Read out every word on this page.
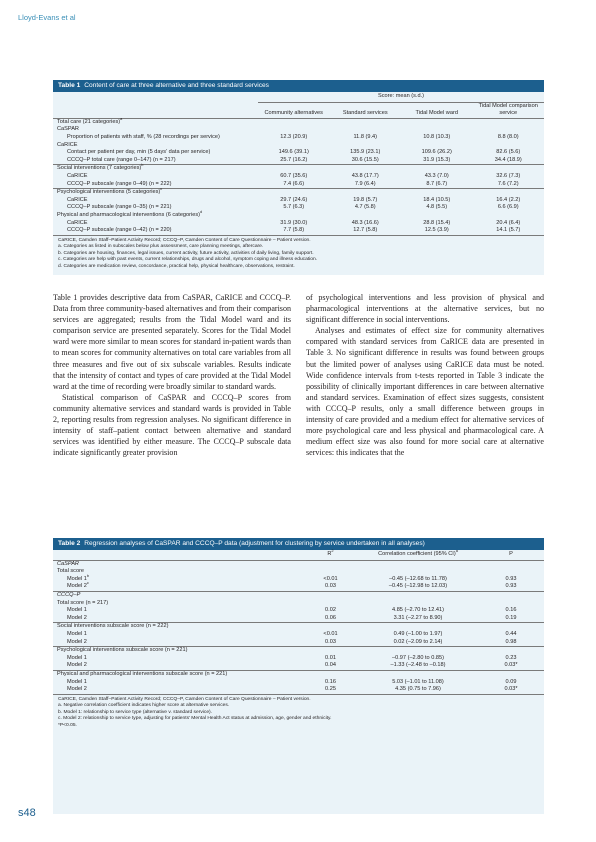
Lloyd-Evans et al
Table 1 Content of care at three alternative and three standard services
	Score: mean (s.d.)			
	Community alternatives	Standard services	Tidal Model ward	Tidal Model comparison service
Total care (21 categories)$^a$				
CaSPAR				
Proportion of patients with staff, % (28 recordings per service)	12.3 (20.9)	11.8 (9.4)	10.8 (10.3)	8.8 (8.0)
CaRICE				
Contact per patient per day, min (5 days’ data per service)	149.6 (39.1)	135.9 (23.1)	109.6 (26.2)	82.6 (5.6)
CCCQ–P total care (range 0–147) (n = 217)	25.7 (16.2)	30.6 (15.5)	31.9 (15.3)	34.4 (18.9)
Social interventions (7 categories)$^b$				
CaRICE	60.7 (35.6)	43.8 (17.7)	43.3 (7.0)	32.6 (7.3)
CCCQ–P subscale (range 0–49) (n = 222)	7.4 (6.6)	7.9 (6.4)	8.7 (6.7)	7.6 (7.2)
Psychological interventions (5 categories)$^c$				
CaRICE	29.7 (24.6)	19.8 (5.7)	18.4 (10.5)	16.4 (2.2)
CCCQ–P subscale (range 0–35) (n = 221)	5.7 (6.3)	4.7 (5.8)	4.8 (5.5)	6.6 (6.9)
Physical and pharmacological interventions (6 categories)$^d$				
CaRICE	31.9 (30.0)	48.3 (16.6)	28.8 (15.4)	20.4 (6.4)
CCCQ–P subscale (range 0–42) (n = 220)	7.7 (5.8)	12.7 (5.8)	12.5 (3.9)	14.1 (5.7)
CaRICE, Camden Staff–Patient Activity Record; CCCQ–P, Camden Content of Care Questionnaire – Patient version.
a. Categories as listed in subscales below plus assessment, care planning meetings, aftercare.
b. Categories are housing, finances, legal issues, current activity, future activity, activities of daily living, family support.
c. Categories are help with past events, current relationships, drugs and alcohol, symptom coping and illness education.
d. Categories are medication review, concordance, practical help, physical healthcare, observations, restraint.

Table 1 provides descriptive data from CaSPAR, CaRICE and CCCQ–P. Data from three community-based alternatives and from their comparison services are aggregated; results from the Tidal Model ward and its comparison service are presented separately. Scores for the Tidal Model ward were more similar to mean scores for standard in-patient wards than to mean scores for community alternatives on total care variables from all three measures and five out of six subscale variables. Results indicate that the intensity of contact and types of care provided at the Tidal Model ward at the time of recording were broadly similar to standard wards.

Statistical comparison of CaSPAR and CCCQ–P scores from community alternative services and standard wards is provided in Table 2, reporting results from regression analyses. No significant difference in intensity of staff–patient contact between alternative and standard services was identified by either measure. The CCCQ–P subscale data indicate significantly greater provision

of psychological interventions and less provision of physical and pharmacological interventions at the alternative services, but no significant difference in social interventions.

Analyses and estimates of effect size for community alternatives compared with standard services from CaRICE data are presented in Table 3. No significant difference in results was found between groups but the limited power of analyses using CaRICE data must be noted. Wide confidence intervals from t-tests reported in Table 3 indicate the possibility of clinically important differences in care between alternative and standard services. Examination of effect sizes suggests, consistent with CCCQ–P results, only a small difference between groups in intensity of care provided and a medium effect for alternative services of more psychological care and less physical and pharmacological care. A medium effect size was also found for more social care at alternative services: this indicates that the

Table 2 Regression analyses of CaSPAR and CCCQ–P data (adjustment for clustering by service undertaken in all analyses)
	$R^2$	Correlation coefficient (95% CI)$^a$	P
CaSPAR			
Total score			
Model $1^b$	<0.01	–0.45 (–12.68 to 11.78)	0.93
Model 2$^c$	0.03	–0.45 (–12.98 to 12.03)	0.93
CCCQ–P			
Total score (n = 217)			
Model 1	0.02	4.85 (–2.70 to 12.41)	0.16
Model 2	0.06	3.31 (–2.27 to 8.90)	0.19
Social interventions subscale score (n = 222)			
Model 1	<0.01	0.49 (–1.00 to 1.97)	0.44
Model 2	0.03	0.02 (–2.09 to 2.14)	0.98
Psychological interventions subscale score (n = 221)			
Model 1	0.01	–0.97 (–2.80 to 0.85)	0.23
Model 2	0.04	–1.33 (–2.48 to –0.18)	0.03*
Physical and pharmacological interventions subscale score (n = 221)			
Model 1	0.16	5.03 (–1.01 to 11.08)	0.09
Model 2	0.25	4.35 (0.75 to 7.96)	0.03*
CaRICE, Camden Staff–Patient Activity Record; CCCQ–P, Camden Content of Care Questionnaire – Patient version.
a. Negative correlation coefficient indicates higher score at alternative services.
b. Model 1: relationship to service type (alternative v. standard service).
c. Model 2: relationship to service type, adjusting for patients’ Mental Health Act status at admission, age, gender and ethnicity.
*P<0.05.
s48
